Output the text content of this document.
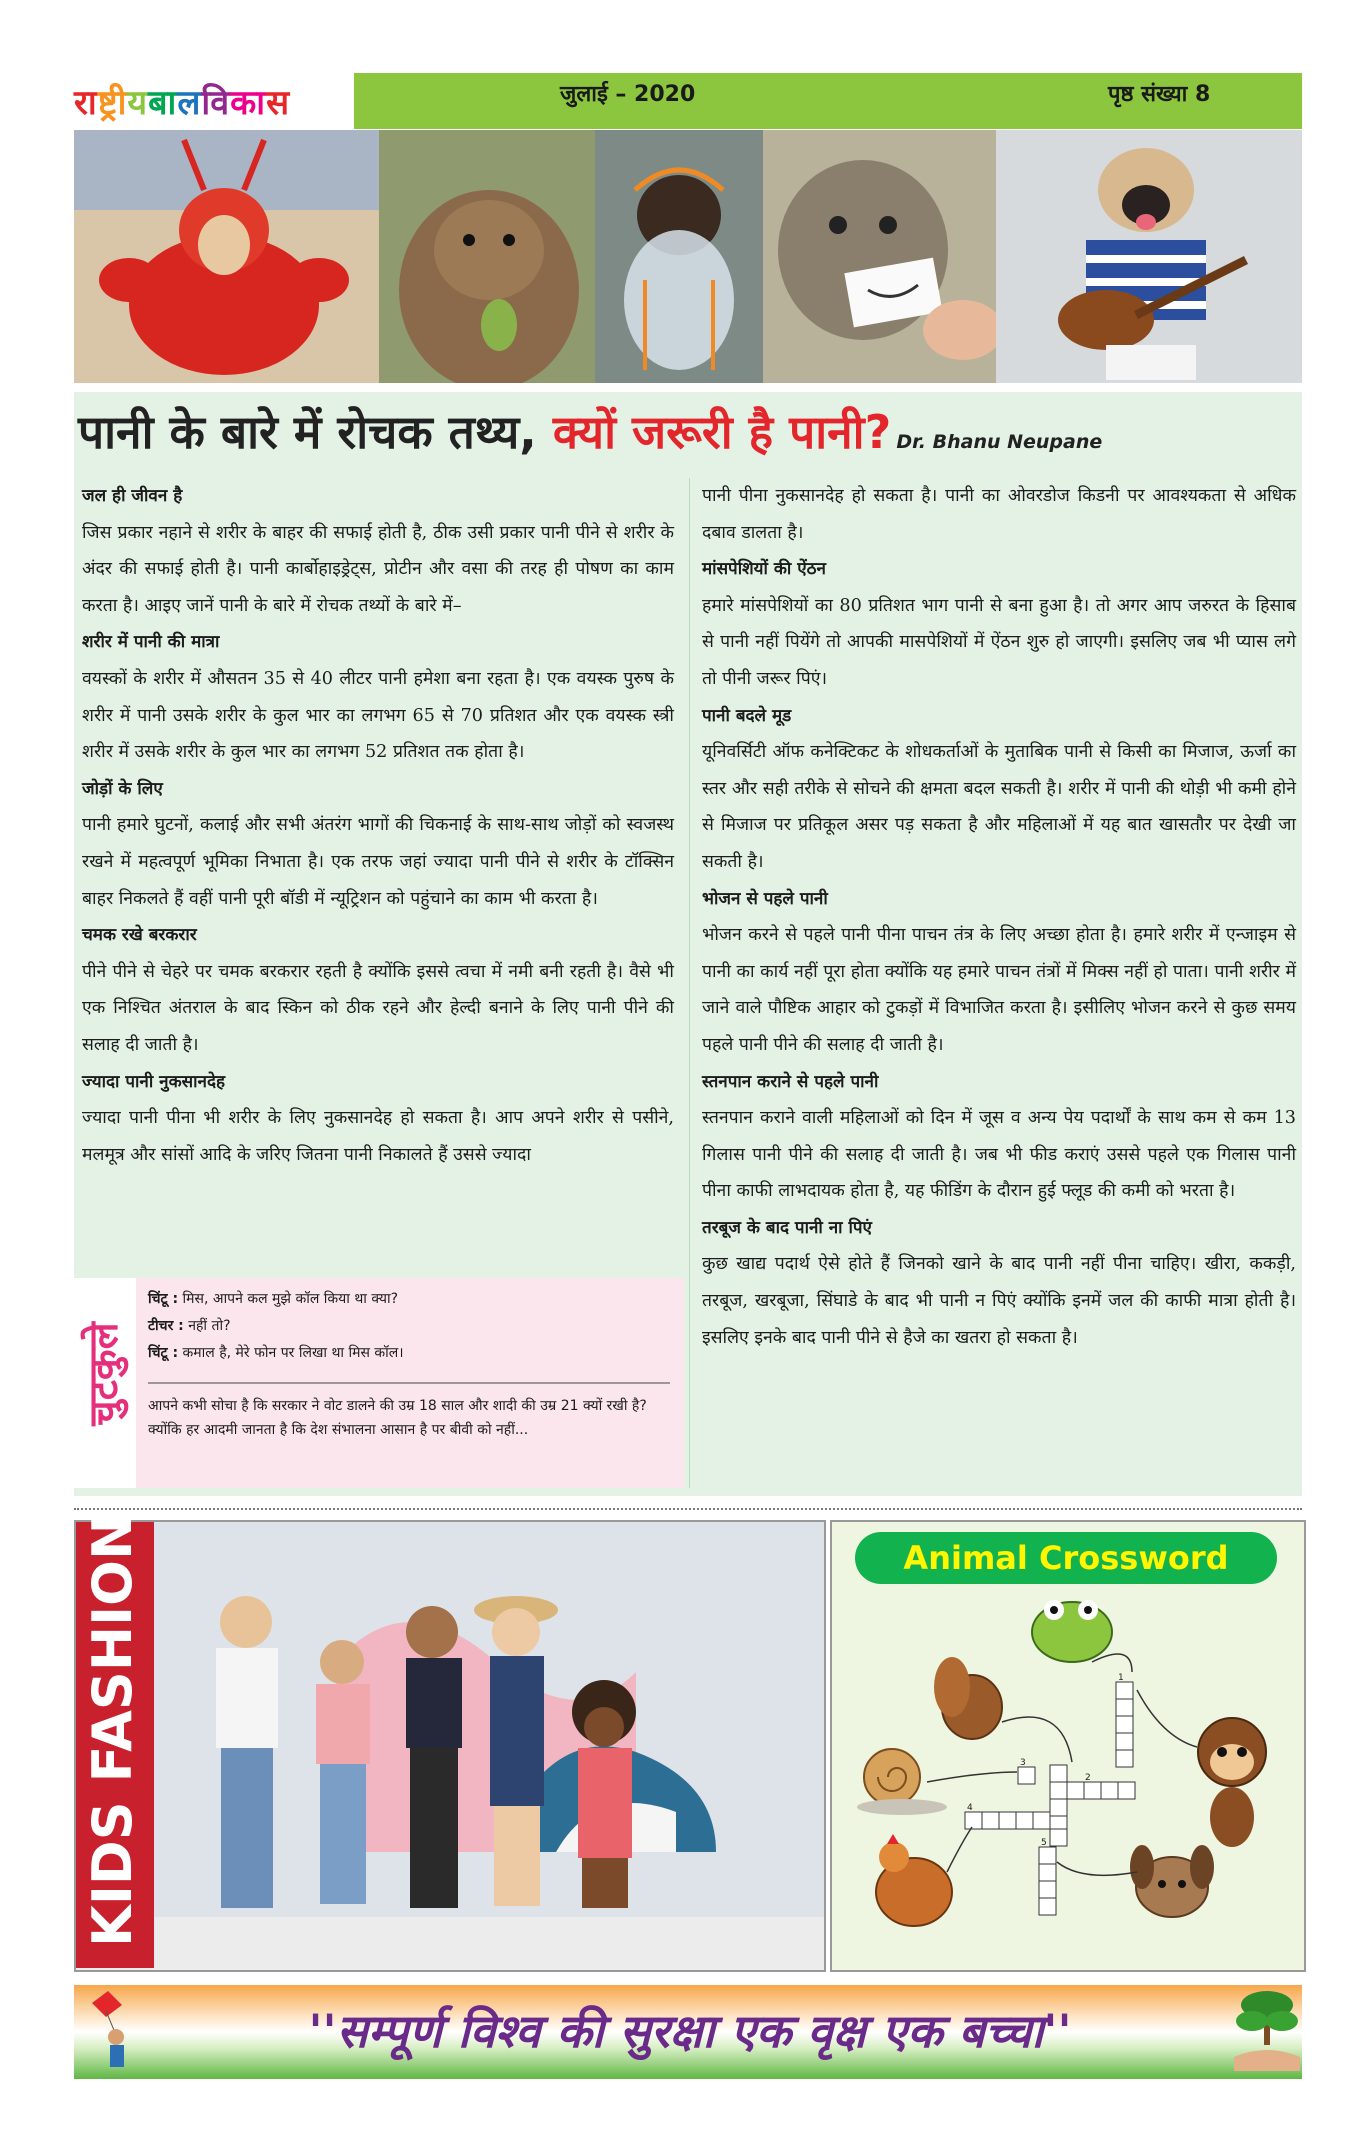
रा ष्ट्री य बा ल वि का स	जुलाई – 2020	पृष्ठ संख्या 8
पानी के बारे में रोचक तथ्य, क्यों जरूरी है पानी? Dr. Bhanu Neupane

जल ही जीवन है
जिस प्रकार नहाने से शरीर के बाहर की सफाई होती है, ठीक उसी प्रकार पानी पीने से शरीर के अंदर की सफाई होती है। पानी कार्बोहाइड्रेट्स, प्रोटीन और वसा की तरह ही पोषण का काम करता है। आइए जानें पानी के बारे में रोचक तथ्यों के बारे में–

शरीर में पानी की मात्रा
वयस्कों के शरीर में औसतन 35 से 40 लीटर पानी हमेशा बना रहता है। एक वयस्क पुरुष के शरीर में पानी उसके शरीर के कुल भार का लगभग 65 से 70 प्रतिशत और एक वयस्क स्त्री शरीर में उसके शरीर के कुल भार का लगभग 52 प्रतिशत तक होता है।

जोड़ों के लिए
पानी हमारे घुटनों, कलाई और सभी अंतरंग भागों की चिकनाई के साथ-साथ जोड़ों को स्वजस्थ रखने में महत्वपूर्ण भूमिका निभाता है। एक तरफ जहां ज्यादा पानी पीने से शरीर के टॉक्सिन बाहर निकलते हैं वहीं पानी पूरी बॉडी में न्यूट्रिशन को पहुंचाने का काम भी करता है।

चमक रखे बरकरार
पीने पीने से चेहरे पर चमक बरकरार रहती है क्योंकि इससे त्वचा में नमी बनी रहती है। वैसे भी एक निश्चित अंतराल के बाद स्किन को ठीक रहने और हेल्दी बनाने के लिए पानी पीने की सलाह दी जाती है।

ज्यादा पानी नुकसानदेह
ज्यादा पानी पीना भी शरीर के लिए नुकसानदेह हो सकता है। आप अपने शरीर से पसीने, मलमूत्र और सांसों आदि के जरिए जितना पानी निकालते हैं उससे ज्यादा

पानी पीना नुकसानदेह हो सकता है। पानी का ओवरडोज किडनी पर आवश्यकता से अधिक दबाव डालता है।

मांसपेशियों की ऐंठन
हमारे मांसपेशियों का 80 प्रतिशत भाग पानी से बना हुआ है। तो अगर आप जरुरत के हिसाब से पानी नहीं पियेंगे तो आपकी मासपेशियों में ऐंठन शुरु हो जाएगी। इसलिए जब भी प्यास लगे तो पीनी जरूर पिएं।

पानी बदले मूड
यूनिवर्सिटी ऑफ कनेक्टिकट के शोधकर्ताओं के मुताबिक पानी से किसी का मिजाज, ऊर्जा का स्तर और सही तरीके से सोचने की क्षमता बदल सकती है। शरीर में पानी की थोड़ी भी कमी होने से मिजाज पर प्रतिकूल असर पड़ सकता है और महिलाओं में यह बात खासतौर पर देखी जा सकती है।

भोजन से पहले पानी
भोजन करने से पहले पानी पीना पाचन तंत्र के लिए अच्छा होता है। हमारे शरीर में एन्जाइम से पानी का कार्य नहीं पूरा होता क्योंकि यह हमारे पाचन तंत्रों में मिक्स नहीं हो पाता। पानी शरीर में जाने वाले पौष्टिक आहार को टुकड़ों में विभाजित करता है। इसीलिए भोजन करने से कुछ समय पहले पानी पीने की सलाह दी जाती है।

स्तनपान कराने से पहले पानी
स्तनपान कराने वाली महिलाओं को दिन में जूस व अन्य पेय पदार्थों के साथ कम से कम 13 गिलास पानी पीने की सलाह दी जाती है। जब भी फीड कराएं उससे पहले एक गिलास पानी पीना काफी लाभदायक होता है, यह फीडिंग के दौरान हुई फ्लूड की कमी को भरता है।

तरबूज के बाद पानी ना पिएं
कुछ खाद्य पदार्थ ऐसे होते हैं जिनको खाने के बाद पानी नहीं पीना चाहिए। खीरा, ककड़ी, तरबूज, खरबूजा, सिंघाडे के बाद भी पानी न पिएं क्योंकि इनमें जल की काफी मात्रा होती है। इसलिए इनके बाद पानी पीने से हैजे का खतरा हो सकता है।

चुटकुले
चिंटू : मिस, आपने कल मुझे कॉल किया था क्या?
टीचर : नहीं तो?
चिंटू : कमाल है, मेरे फोन पर लिखा था मिस कॉल।
आपने कभी सोचा है कि सरकार ने वोट डालने की उम्र 18 साल और शादी की उम्र 21 क्यों रखी है?
क्योंकि हर आदमी जानता है कि देश संभालना आसान है पर बीवी को नहीं...
KIDS FASHION	1
2
3
4
5
Animal Crossword
''सम्पूर्ण विश्व की सुरक्षा एक वृक्ष एक बच्चा''
